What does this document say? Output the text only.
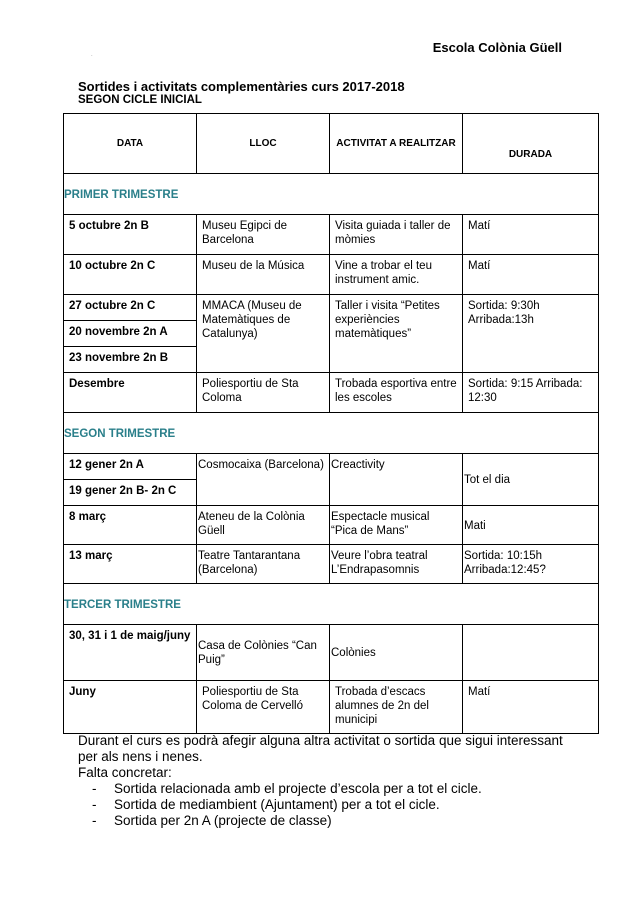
Escola Colònia Güell
.
Sortides i activitats complementàries curs 2017-2018
SEGON CICLE INICIAL
DATA	LLOC	ACTIVITAT A REALITZAR	DURADA
PRIMER TRIMESTRE			
5 octubre 2n B	Museu Egipci de Barcelona	Visita guiada i taller de mòmies	Matí
10 octubre 2n C	Museu de la Música	Vine a trobar el teu instrument amic.	Matí
27 octubre 2n C	MMACA (Museu de Matemàtiques de Catalunya)	Taller i visita “Petites experiències matemàtiques”	Sortida: 9:30h Arribada:13h
20 novembre 2n A			
23 novembre 2n B			
Desembre	Poliesportiu de Sta Coloma	Trobada esportiva entre les escoles	Sortida: 9:15 Arribada: 12:30
SEGON TRIMESTRE			
12 gener 2n A	Cosmocaixa (Barcelona)	Creactivity	Tot el dia
19 gener 2n B- 2n C			
8 març	Ateneu de la Colònia Güell	Espectacle musical “Pica de Mans”	Mati
13 març	Teatre Tantarantana (Barcelona)	Veure l’obra teatral L’Endrapasomnis	Sortida: 10:15h Arribada:12:45?
TERCER TRIMESTRE			
30, 31 i 1 de maig/juny	Casa de Colònies “Can Puig”	Colònies	
Juny	Poliesportiu de Sta Coloma de Cervelló	Trobada d’escacs alumnes de 2n del municipi	Matí
Durant el curs es podrà afegir alguna altra activitat o sortida que sigui interessant per als nens i nenes.
Falta concretar:
- Sortida relacionada amb el projecte d’escola per a tot el cicle.
- Sortida de mediambient (Ajuntament) per a tot el cicle.
- Sortida per 2n A (projecte de classe)
